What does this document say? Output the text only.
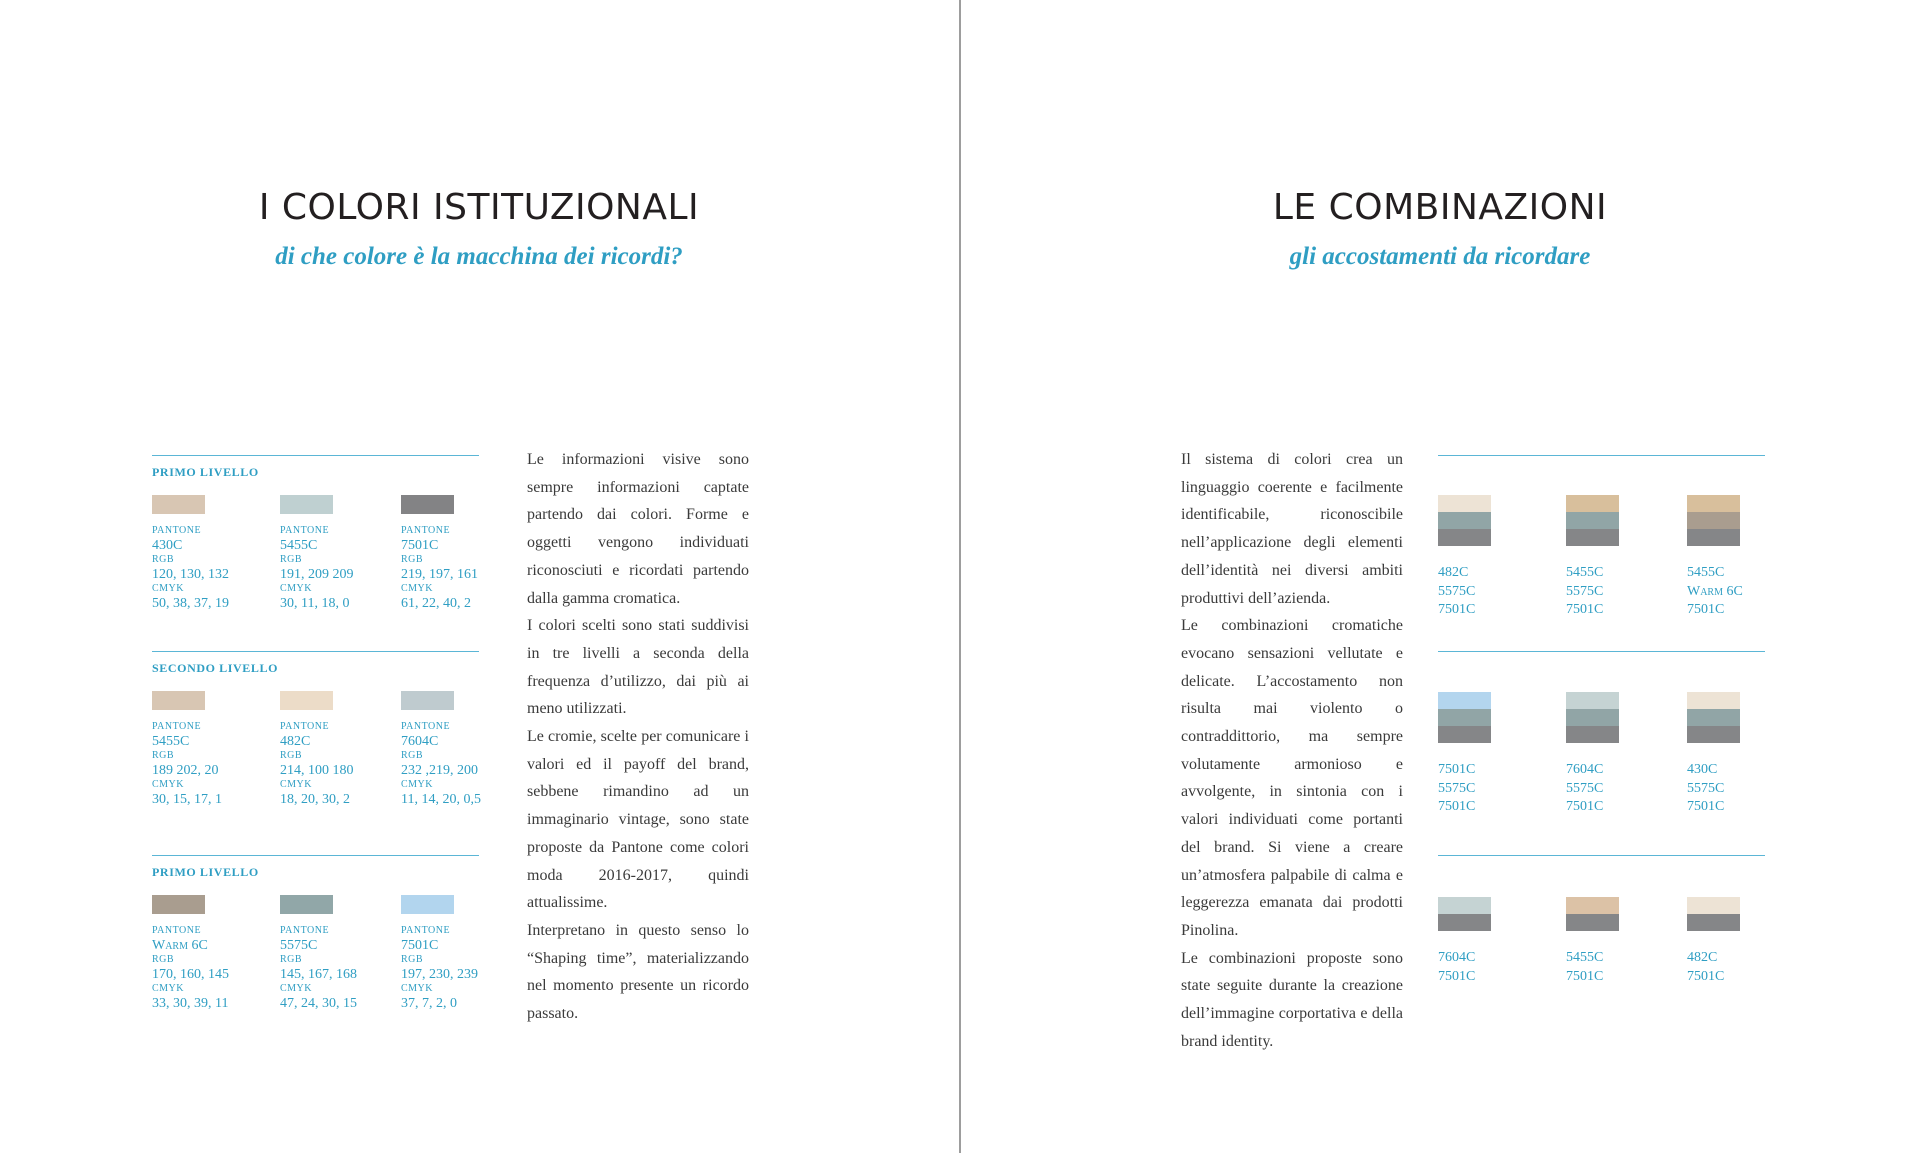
I COLORI ISTITUZIONALI
di che colore è la macchina dei ricordi?
PRIMO LIVELLO
PANTONE
430C
RGB
120, 130, 132
CMYK
50, 38, 37, 19
PANTONE
5455C
RGB
191, 209 209
CMYK
30, 11, 18, 0
PANTONE
7501C
RGB
219, 197, 161
CMYK
61, 22, 40, 2
SECONDO LIVELLO
PANTONE
5455C
RGB
189 202, 20
CMYK
30, 15, 17, 1
PANTONE
482C
RGB
214, 100 180
CMYK
18, 20, 30, 2
PANTONE
7604C
RGB
232 ,219, 200
CMYK
11, 14, 20, 0,5
PRIMO LIVELLO
PANTONE
Warm 6C
RGB
170, 160, 145
CMYK
33, 30, 39, 11
PANTONE
5575C
RGB
145, 167, 168
CMYK
47, 24, 30, 15
PANTONE
7501C
RGB
197, 230, 239
CMYK
37, 7, 2, 0

Le informazioni visive sono sempre informazioni captate partendo dai colori. Forme e oggetti vengono individuati riconosciuti e ricordati partendo dalla gamma cromatica.

I colori scelti sono stati suddivisi in tre livelli a seconda della frequenza d’utilizzo, dai più ai meno utilizzati.

Le cromie, scelte per comunicare i valori ed il payoff del brand, sebbene rimandino ad un immaginario vintage, sono state proposte da Pantone come colori moda 2016-2017, quindi attualissime.

Interpretano in questo senso lo “Shaping time”, materializzando nel momento presente un ricordo passato.

LE COMBINAZIONI
gli accostamenti da ricordare

Il sistema di colori crea un linguaggio coerente e facilmente identificabile, riconoscibile nell’applicazione degli elementi dell’identità nei diversi ambiti produttivi dell’azienda.

Le combinazioni cromatiche evocano sensazioni vellutate e delicate. L’accostamento non risulta mai violento o contraddittorio, ma sempre volutamente armonioso e avvolgente, in sintonia con i valori individuati come portanti del brand. Si viene a creare un’atmosfera palpabile di calma e leggerezza emanata dai prodotti Pinolina.

Le combinazioni proposte sono state seguite durante la creazione dell’immagine corportativa e della brand identity.

482C
5575C
7501C
5455C
5575C
7501C
5455C
Warm 6C
7501C
7501C
5575C
7501C
7604C
5575C
7501C
430C
5575C
7501C
7604C
7501C
5455C
7501C
482C
7501C
